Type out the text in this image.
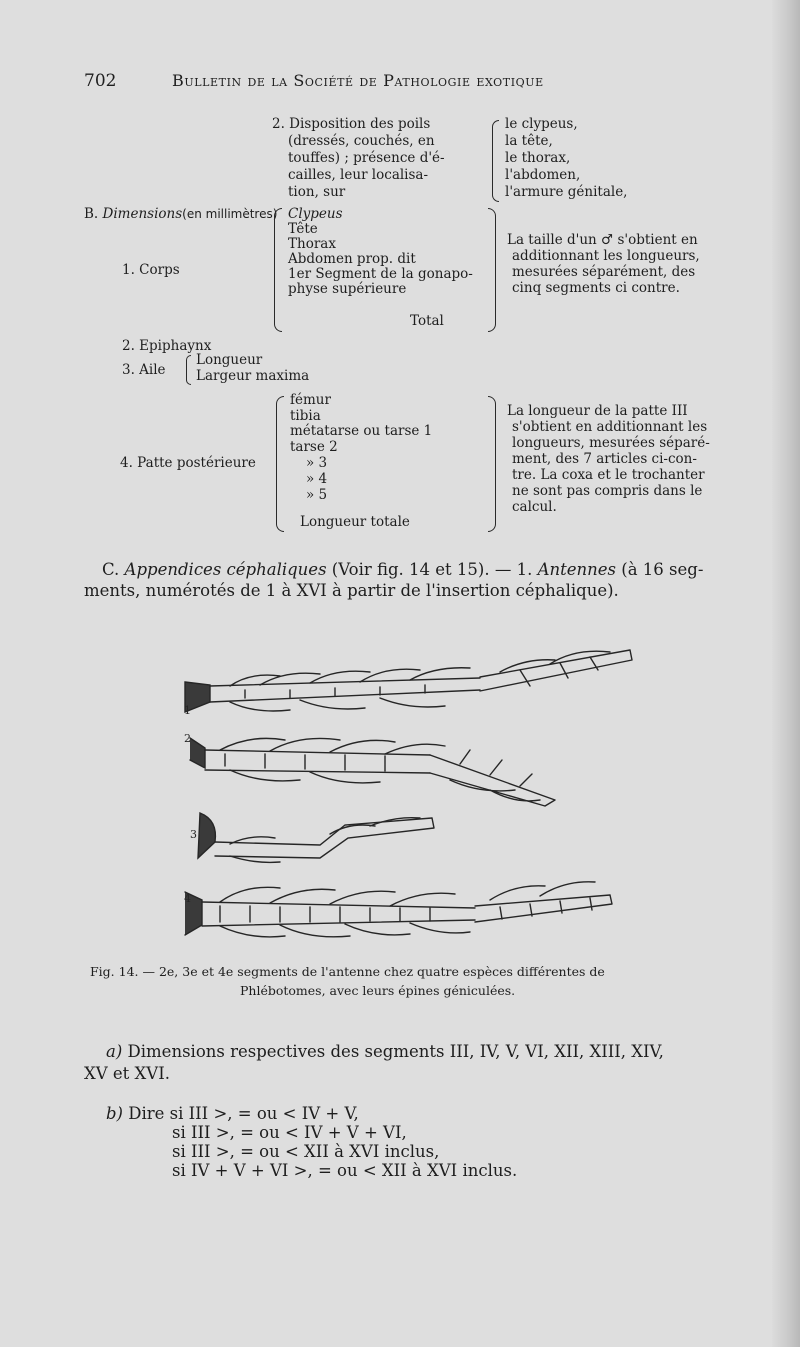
702	Bulletin de la Société de Pathologie exotique
2. Disposition des poils
(dressés, couchés, en
touffes) ; présence d'é-
cailles, leur localisa-
tion, sur
le clypeus,
la tête,
le thorax,
l'abdomen,
l'armure génitale,
B. Dimensions(en millimètres)
1. Corps
Clypeus
Tête
Thorax
Abdomen prop. dit
1er Segment de la gonapo-
physe supérieure
Total
La taille d'un ♂ s'obtient en
additionnant les longueurs,
mesurées séparément, des
cinq segments ci contre.
2. Epiphaynx
3. Aile
Longueur
Largeur maxima
4. Patte postérieure
fémur
tibia
métatarse ou tarse 1
tarse 2
» 3
» 4
» 5
Longueur totale
La longueur de la patte III
s'obtient en additionnant les
longueurs, mesurées séparé-
ment, des 7 articles ci-con-
tre. La coxa et le trochanter
ne sont pas compris dans le
calcul.
C. Appendices céphaliques (Voir fig. 14 et 15). — 1. Antennes (à 16 seg-
ments, numérotés de 1 à XVI à partir de l'insertion céphalique).
1
2
3
4
Fig. 14. — 2e, 3e et 4e segments de l'antenne chez quatre espèces différentes de
Phlébotomes, avec leurs épines géniculées.
a) Dimensions respectives des segments III, IV, V, VI, XII, XIII, XIV,
XV et XVI.
b) Dire si III >, = ou < IV + V,
si III >, = ou < IV + V + VI,
si III >, = ou < XII à XVI inclus,
si IV + V + VI >, = ou < XII à XVI inclus.
